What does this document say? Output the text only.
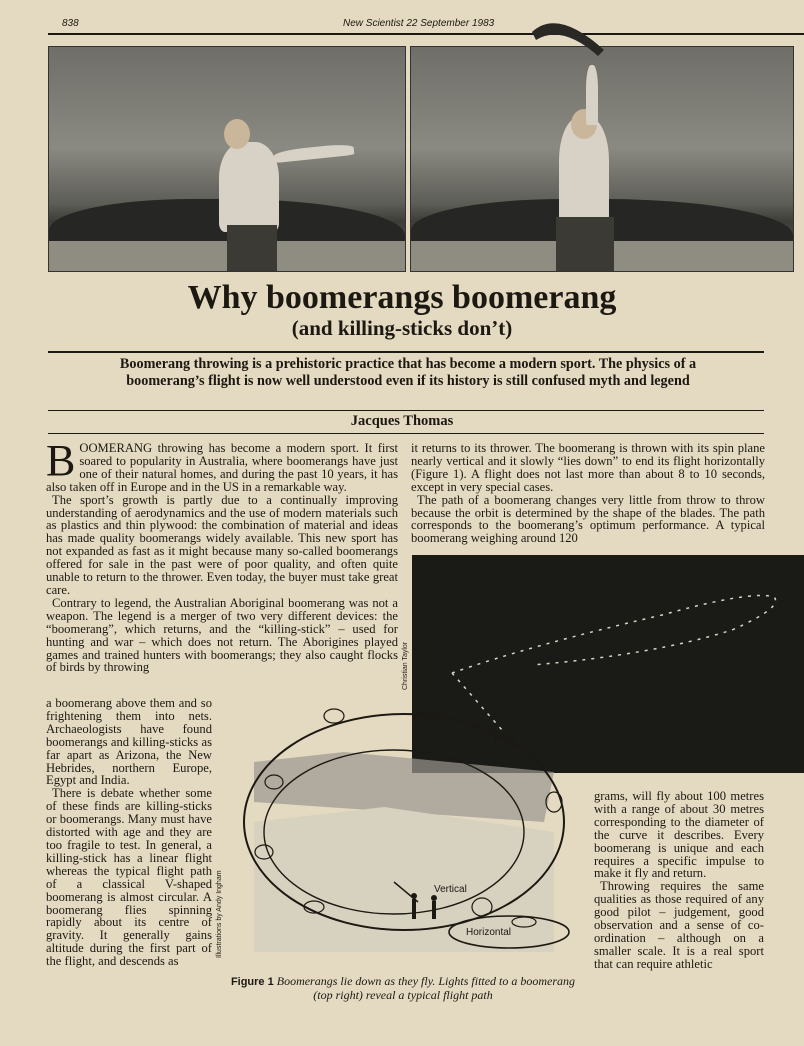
838	New Scientist 22 September 1983
Why boomerangs boomerang
(and killing-sticks don’t)
Boomerang throwing is a prehistoric practice that has become a modern sport. The physics of a boomerang’s flight is now well understood even if its history is still confused myth and legend
Jacques Thomas

BOOMERANG throwing has become a modern sport. It first soared to popularity in Australia, where boomerangs have just one of their natural homes, and during the past 10 years, it has also taken off in Europe and in the US in a remarkable way.

The sport’s growth is partly due to a continually improving understanding of aerodynamics and the use of modern materials such as plastics and thin plywood: the combination of material and ideas has made quality boomerangs widely available. This new sport has not expanded as fast as it might because many so-called boomerangs offered for sale in the past were of poor quality, and often quite unable to return to the thrower. Even today, the buyer must take great care.

Contrary to legend, the Australian Aboriginal boomerang was not a weapon. The legend is a merger of two very different devices: the “boomerang”, which returns, and the “killing-stick” – used for hunting and war – which does not return. The Aborigines played games and trained hunters with boomerangs; they also caught flocks of birds by throwing

a boomerang above them and so frightening them into nets. Archaeologists have found boomerangs and killing-sticks as far apart as Arizona, the New Hebrides, northern Europe, Egypt and India.

There is debate whether some of these finds are killing-sticks or boomerangs. Many must have distorted with age and they are too fragile to test. In general, a killing-stick has a linear flight whereas the typical flight path of a classical V-shaped boomerang is almost circular. A boomerang flies spinning rapidly about its centre of gravity. It generally gains altitude during the first part of the flight, and descends as

it returns to its thrower. The boomerang is thrown with its spin plane nearly vertical and it slowly “lies down” to end its flight horizontally (Figure 1). A flight does not last more than about 8 to 10 seconds, except in very special cases.

The path of a boomerang changes very little from throw to throw because the orbit is determined by the shape of the blades. The path corresponds to the boomerang’s optimum performance. A typical boomerang weighing around 120

grams, will fly about 100 metres with a range of about 30 metres corresponding to the diameter of the curve it describes. Every boomerang is unique and each requires a specific impulse to make it fly and return.

Throwing requires the same qualities as those required of any good pilot – judgement, good observation and a sense of co-ordination – although on a smaller scale. It is a real sport that can require athletic

Christian Taylor
Vertical
Horizontal
Illustrations by Andy Ingham
Figure 1 Boomerangs lie down as they fly. Lights fitted to a boomerang (top right) reveal a typical flight path
